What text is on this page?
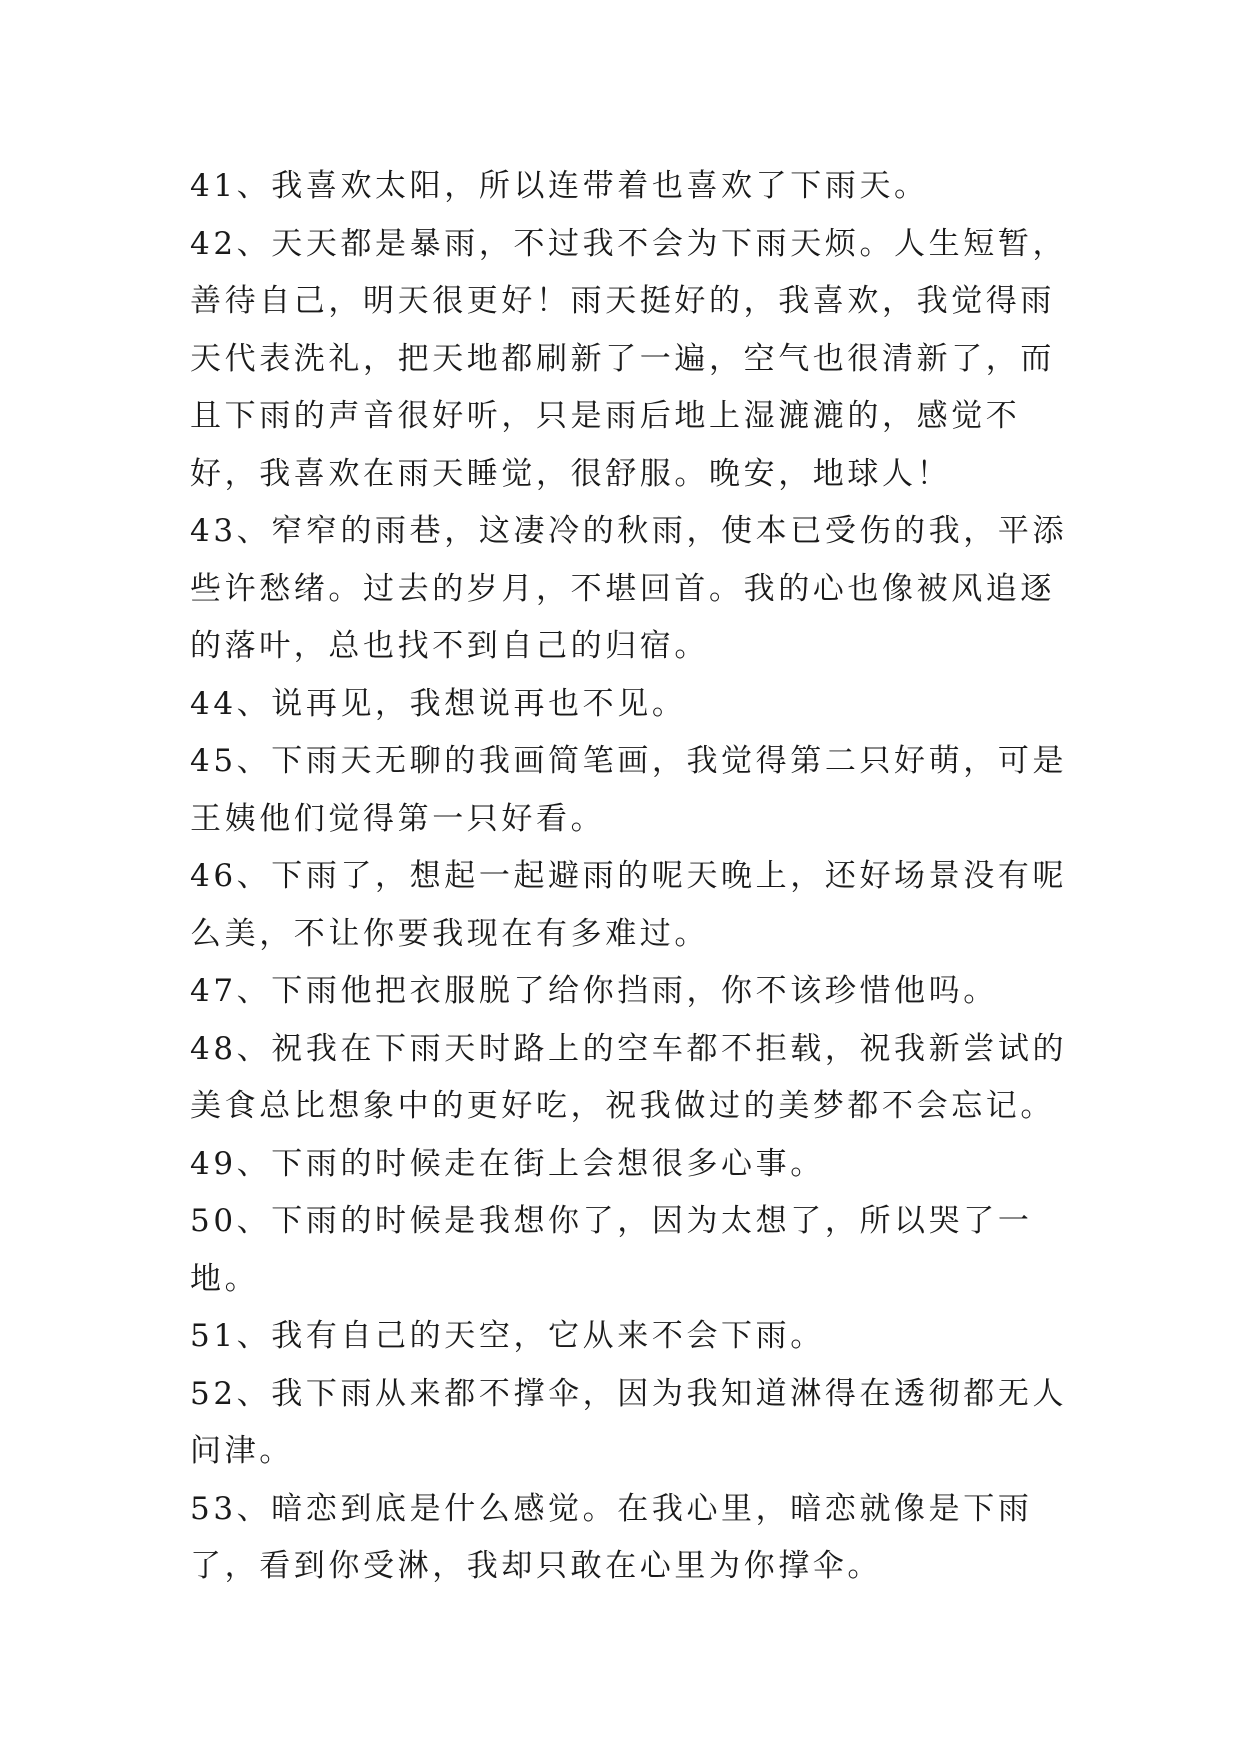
41、我喜欢太阳，所以连带着也喜欢了下雨天。

42、天天都是暴雨，不过我不会为下雨天烦。人生短暂，善待自己，明天很更好！雨天挺好的，我喜欢，我觉得雨天代表洗礼，把天地都刷新了一遍，空气也很清新了，而且下雨的声音很好听，只是雨后地上湿漉漉的，感觉不好，我喜欢在雨天睡觉，很舒服。晚安，地球人！

43、窄窄的雨巷，这凄冷的秋雨，使本已受伤的我，平添些许愁绪。过去的岁月，不堪回首。我的心也像被风追逐的落叶，总也找不到自己的归宿。

44、说再见，我想说再也不见。

45、下雨天无聊的我画简笔画，我觉得第二只好萌，可是王姨他们觉得第一只好看。

46、下雨了，想起一起避雨的呢天晚上，还好场景没有呢么美，不让你要我现在有多难过。

47、下雨他把衣服脱了给你挡雨，你不该珍惜他吗。

48、祝我在下雨天时路上的空车都不拒载，祝我新尝试的美食总比想象中的更好吃，祝我做过的美梦都不会忘记。

49、下雨的时候走在街上会想很多心事。

50、下雨的时候是我想你了，因为太想了，所以哭了一地。

51、我有自己的天空，它从来不会下雨。

52、我下雨从来都不撑伞，因为我知道淋得在透彻都无人问津。

53、暗恋到底是什么感觉。在我心里，暗恋就像是下雨了，看到你受淋，我却只敢在心里为你撑伞。
